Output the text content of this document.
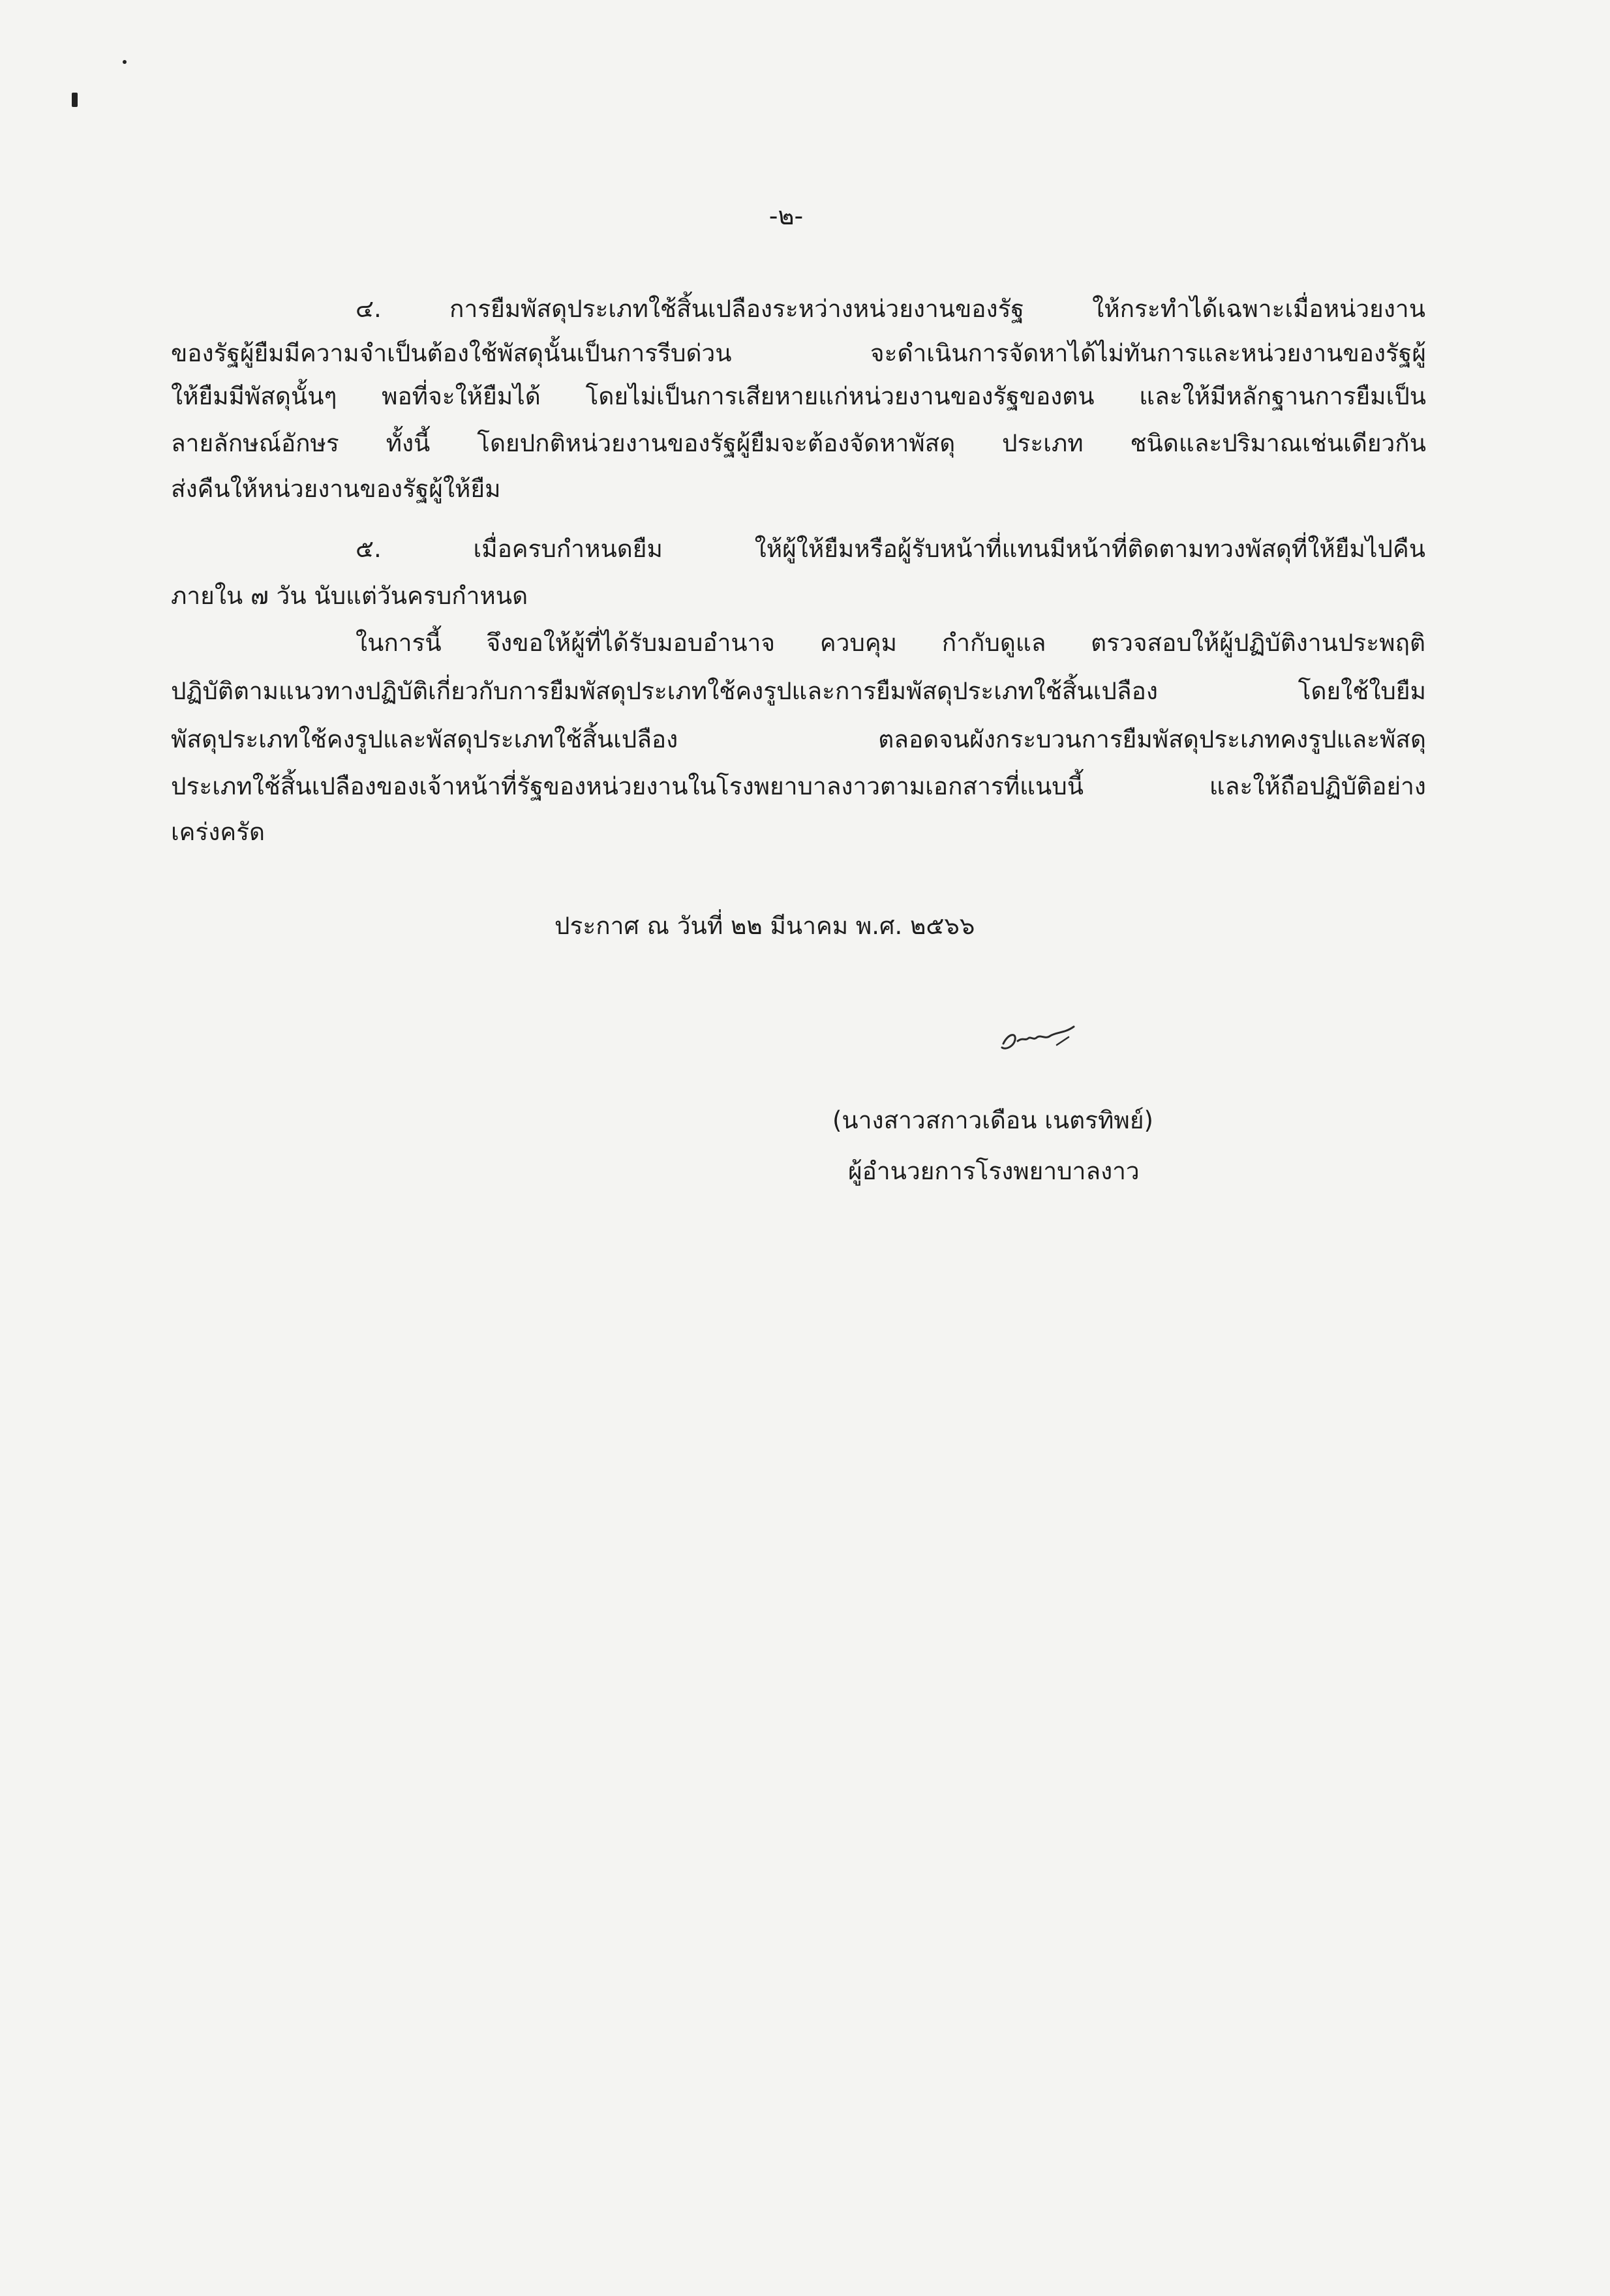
-๒-
๔. การยืมพัสดุประเภทใช้สิ้นเปลืองระหว่างหน่วยงานของรัฐ ให้กระทำได้เฉพาะเมื่อหน่วยงาน
ของรัฐผู้ยืมมีความจำเป็นต้องใช้พัสดุนั้นเป็นการรีบด่วน จะดำเนินการจัดหาได้ไม่ทันการและหน่วยงานของรัฐผู้
ให้ยืมมีพัสดุนั้นๆ พอที่จะให้ยืมได้ โดยไม่เป็นการเสียหายแก่หน่วยงานของรัฐของตน และให้มีหลักฐานการยืมเป็น
ลายลักษณ์อักษร ทั้งนี้ โดยปกติหน่วยงานของรัฐผู้ยืมจะต้องจัดหาพัสดุ ประเภท ชนิดและปริมาณเช่นเดียวกัน
ส่งคืนให้หน่วยงานของรัฐผู้ให้ยืม
๕. เมื่อครบกำหนดยืม ให้ผู้ให้ยืมหรือผู้รับหน้าที่แทนมีหน้าที่ติดตามทวงพัสดุที่ให้ยืมไปคืน
ภายใน ๗ วัน นับแต่วันครบกำหนด
ในการนี้ จึงขอให้ผู้ที่ได้รับมอบอำนาจ ควบคุม กำกับดูแล ตรวจสอบให้ผู้ปฏิบัติงานประพฤติ
ปฏิบัติตามแนวทางปฏิบัติเกี่ยวกับการยืมพัสดุประเภทใช้คงรูปและการยืมพัสดุประเภทใช้สิ้นเปลือง โดยใช้ใบยืม
พัสดุประเภทใช้คงรูปและพัสดุประเภทใช้สิ้นเปลือง ตลอดจนผังกระบวนการยืมพัสดุประเภทคงรูปและพัสดุ
ประเภทใช้สิ้นเปลืองของเจ้าหน้าที่รัฐของหน่วยงานในโรงพยาบาลงาวตามเอกสารที่แนบนี้ และให้ถือปฏิบัติอย่าง
เคร่งครัด
ประกาศ ณ วันที่ ๒๒ มีนาคม พ.ศ. ๒๕๖๖
(นางสาวสกาวเดือน เนตรทิพย์)
ผู้อำนวยการโรงพยาบาลงาว
